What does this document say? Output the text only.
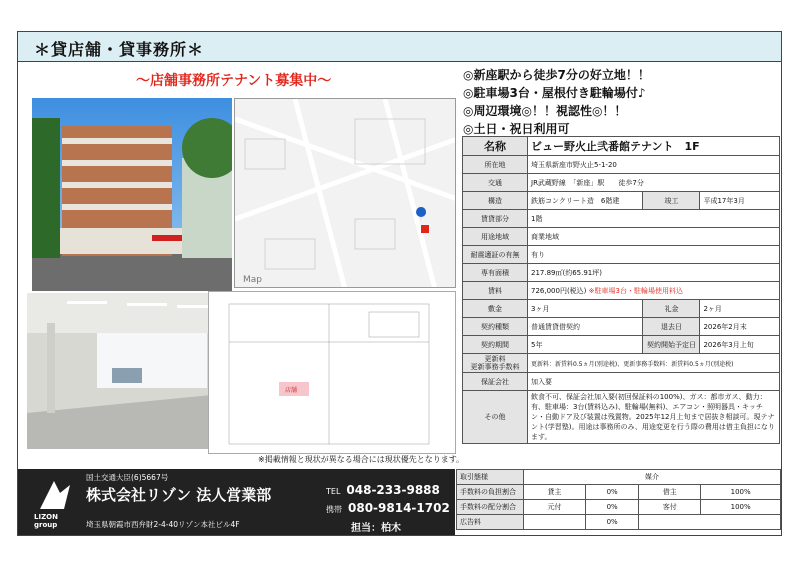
＊貸店舗・貸事務所＊
～店舗事務所テナント募集中～
Map
店舗
※掲載情報と現状が異なる場合には現状優先となります。
◎新座駅から徒歩7分の好立地！！
◎駐車場3台・屋根付き駐輪場付♪
◎周辺環境◎！！視認性◎！！
◎土日・祝日利用可
名称	ビュー野火止弐番館テナント　1F		
所在地	埼玉県新座市野火止5-1-20		
交通	JR武蔵野線　「新座」駅　　徒歩7分		
構造	鉄筋コンクリート造　6階建	竣工	平成17年3月
賃貸部分	1階		
用途地域	商業地域		
耐震適証の有無	有り		
専有面積	217.89㎡(約65.91坪)		
賃料	726,000円(税込) ※駐車場3台・駐輪場使用料込		
敷金	3ヶ月	礼金	2ヶ月
契約種類	普通賃貸借契約	退去日	2026年2月末
契約期間	5年	契約開始予定日	2026年3月上旬
更新料
更新事務手数料	更新料：新賃料0.5ヵ月(別途税)、更新事務手数料：新賃料0.5ヵ月(別途税)		
保証会社	加入要		
その他	飲食不可、保証会社加入要(初回保証料の100%)、ガス：都市ガス、動力：有、駐車場：3台(賃料込み)、駐輪場(無料)、エアコン・照明器具・キッチン・自動ドア及び装置は残置物。2025年12月上旬まで居抜き相談可。現テナント(学習塾)。用途は事務所のみ、用途変更を行う際の費用は借主負担になります。		
LIZON group
国土交通大臣(6)5667号
株式会社リゾン 法人営業部
埼玉県朝霞市西弁財2-4-40リゾン本社ビル4F
TEL 048-233-9888
携帯 080-9814-1702
担当：柏木
取引態様	媒介			
手数料の負担割合	貸主	0%	借主	100%
手数料の配分割合	元付	0%	客付	100%
広告料		0%		
